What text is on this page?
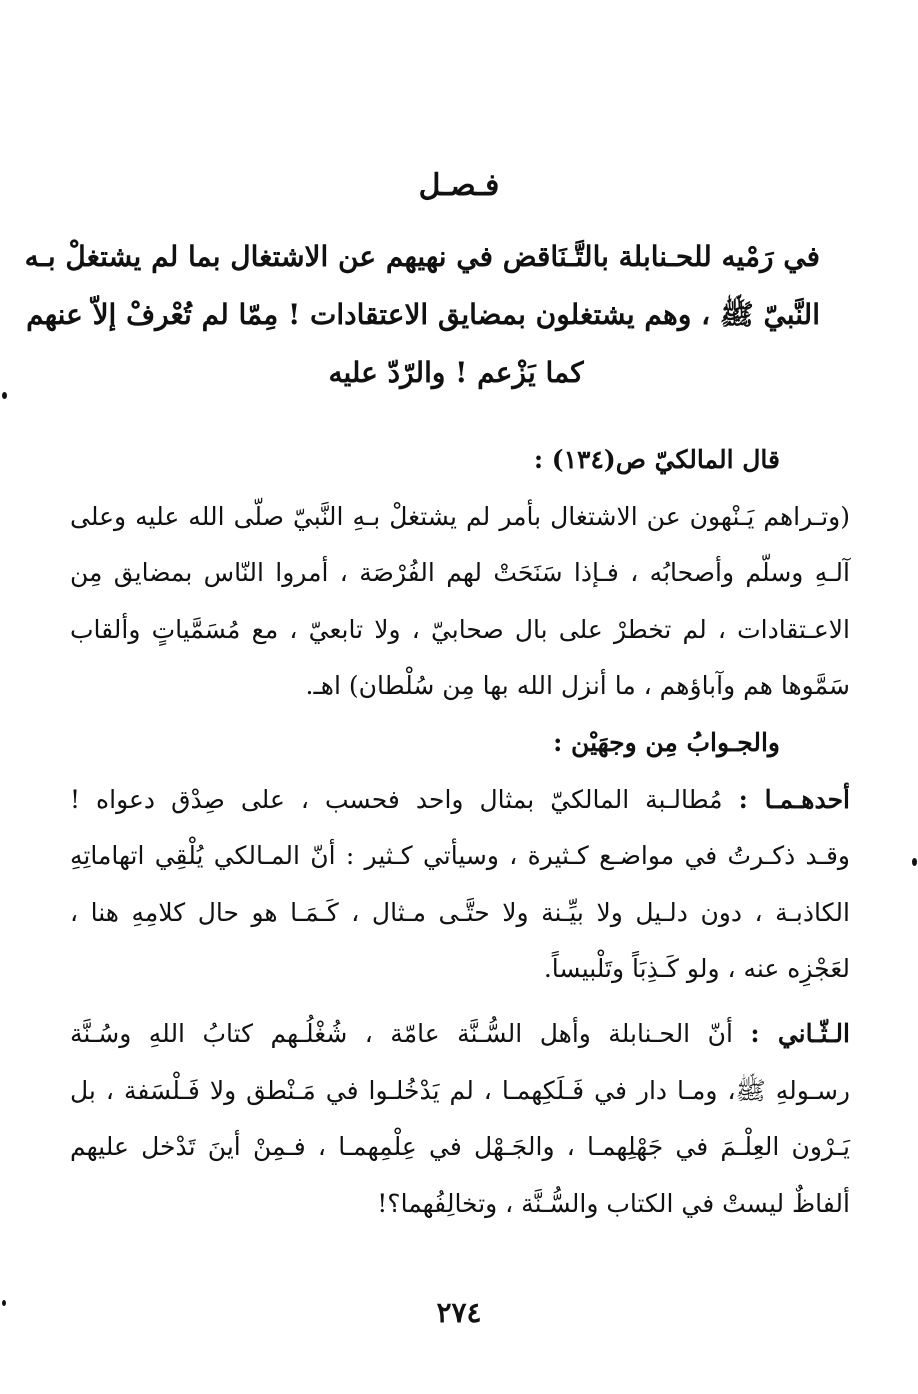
فـصـل
في رَمْيه للحـنابلة بالتَّـنَاقض في نهيهم عن الاشتغال بما لم يشتغلْ بـه
النَّبيّ ﷺ ، وهم يشتغلون بمضايق الاعتقادات ! مِمّا لم تُعْرفْ إلاّ عنهم
كما يَزْعم ! والرّدّ عليه
قال المالكيّ ص(١٣٤) :
(وتـراهم يَـنْهون عن الاشتغال بأمر لم يشتغلْ بـهِ النَّبيّ صلّى الله عليه وعلى
آلـهِ وسلّم وأصحابُه ، فـإذا سَنَحَتْ لهم الفُرْصَة ، أمروا النّاس بمضايق مِن
الاعـتقادات ، لم تخطرْ على بال صحابيّ ، ولا تابعيّ ، مع مُسَمَّياتٍ وألقاب
سَمَّوها هم وآباؤهم ، ما أنزل الله بها مِن سُلْطان) اهـ.
والجـوابُ مِن وجهَيْن :
أحدهـمـا : مُطالـبة المالكيّ بمثال واحد فحسب ، على صِدْق دعواه !
وقـد ذكـرتُ في مواضـع كـثيرة ، وسيأتي كـثير : أنّ المـالكي يُلْقِي اتهاماتِهِ
الكاذبـة ، دون دلـيل ولا بيِّـنة ولا حتَّـى مـثال ، كَـمَـا هو حال كلامِهِ هنا ،
لعَجْزِه عنه ، ولو كَـذِبَاً وتَلْبيساً.
الـثّـاني : أنّ الحـنابلة وأهل السُّـنَّة عامّة ، شُغْلُـهم كتابُ اللهِ وسُـنَّة
رسـولهِ ﷺ، ومـا دار في فَـلَكِهمـا ، لم يَدْخُلـوا في مَـنْطق ولا فَـلْسَفة ، بل
يَـرْون العِلْـمَ في جَهْلِهمـا ، والجَـهْل في عِلْمِهمـا ، فـمِنْ أينَ تَدْخل عليهم
ألفاظٌ ليستْ في الكتاب والسُّـنَّة ، وتخالِفُهما؟!
٢٧٤
